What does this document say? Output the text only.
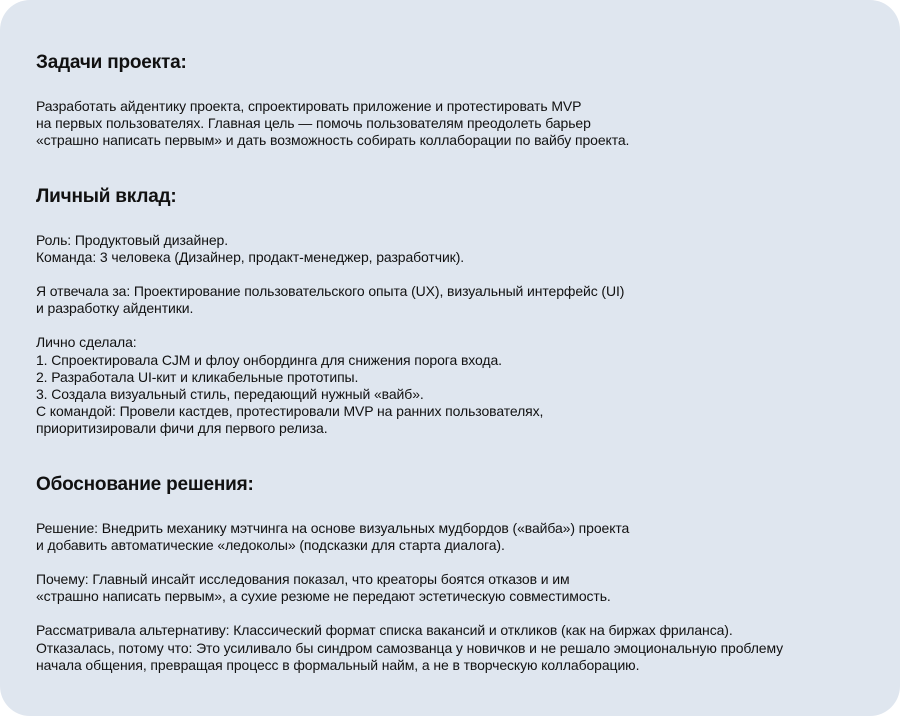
Задачи проекта:

Разработать айдентику проекта, спроектировать приложение и протестировать MVP
на первых пользователях. Главная цель — помочь пользователям преодолеть барьер
«страшно написать первым» и дать возможность собирать коллаборации по вайбу проекта.

Личный вклад:

Роль: Продуктовый дизайнер.
Команда: 3 человека (Дизайнер, продакт-менеджер, разработчик).

Я отвечала за: Проектирование пользовательского опыта (UX), визуальный интерфейс (UI)
и разработку айдентики.

Лично сделала:
1. Спроектировала CJM и флоу онбординга для снижения порога входа.
2. Разработала UI-кит и кликабельные прототипы.
3. Создала визуальный стиль, передающий нужный «вайб».
С командой: Провели кастдев, протестировали MVP на ранних пользователях,
приоритизировали фичи для первого релиза.

Обоснование решения:

Решение: Внедрить механику мэтчинга на основе визуальных мудбордов («вайба») проекта
и добавить автоматические «ледоколы» (подсказки для старта диалога).

Почему: Главный инсайт исследования показал, что креаторы боятся отказов и им
«страшно написать первым», а сухие резюме не передают эстетическую совместимость.

Рассматривала альтернативу: Классический формат списка вакансий и откликов (как на биржах фриланса).
Отказалась, потому что: Это усиливало бы синдром самозванца у новичков и не решало эмоциональную проблему
начала общения, превращая процесс в формальный найм, а не в творческую коллаборацию.
